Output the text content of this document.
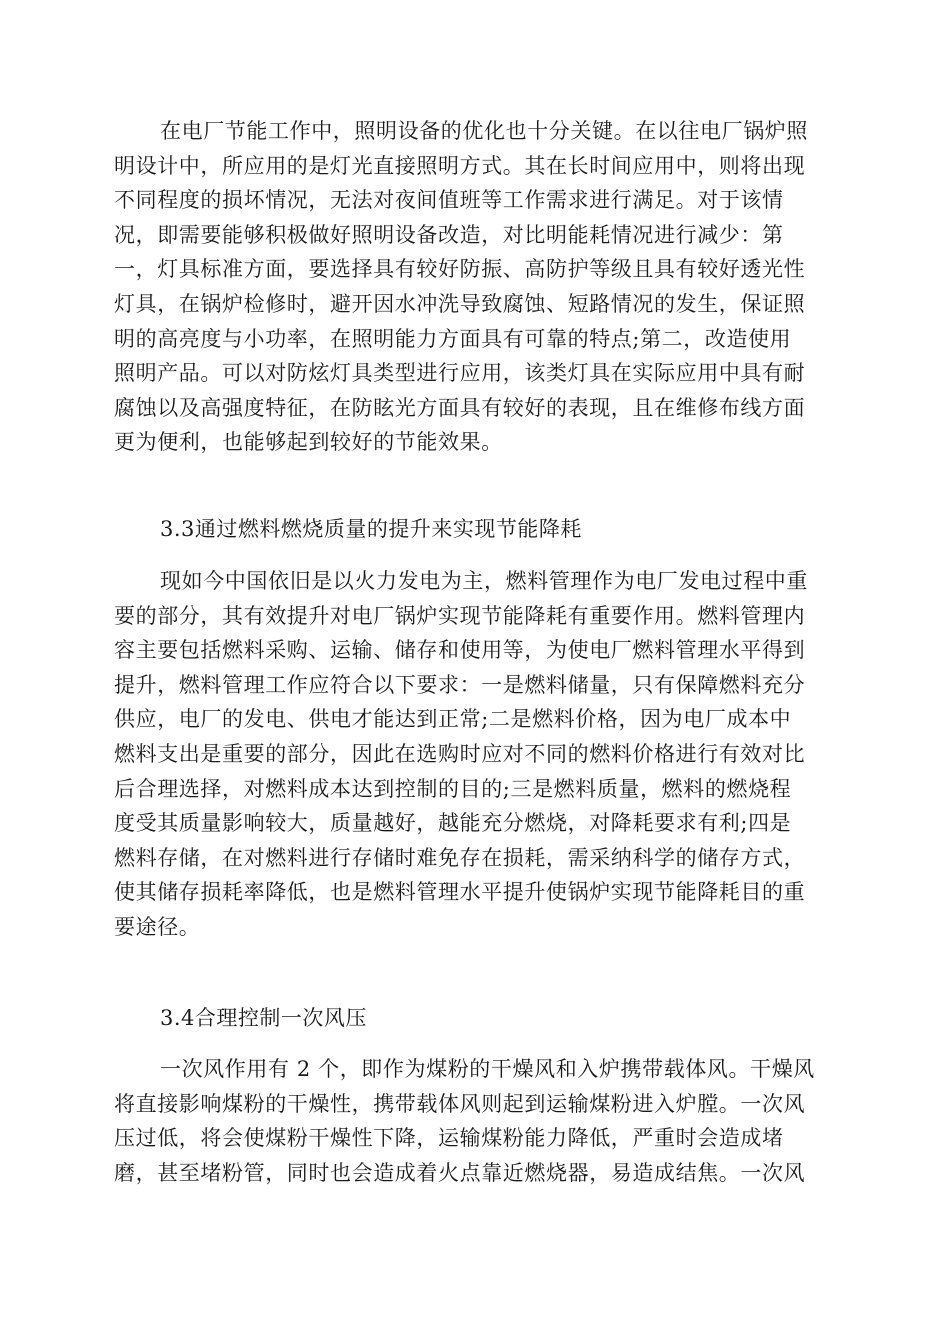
在电厂节能工作中，照明设备的优化也十分关键。在以往电厂锅炉照
明设计中，所应用的是灯光直接照明方式。其在长时间应用中，则将出现
不同程度的损坏情况，无法对夜间值班等工作需求进行满足。对于该情
况，即需要能够积极做好照明设备改造，对比明能耗情况进行减少：第
一，灯具标准方面，要选择具有较好防振、高防护等级且具有较好透光性
灯具，在锅炉检修时，避开因水冲洗导致腐蚀、短路情况的发生，保证照
明的高亮度与小功率，在照明能力方面具有可靠的特点;第二，改造使用
照明产品。可以对防炫灯具类型进行应用，该类灯具在实际应用中具有耐
腐蚀以及高强度特征，在防眩光方面具有较好的表现，且在维修布线方面
更为便利，也能够起到较好的节能效果。
3.3通过燃料燃烧质量的提升来实现节能降耗
现如今中国依旧是以火力发电为主，燃料管理作为电厂发电过程中重
要的部分，其有效提升对电厂锅炉实现节能降耗有重要作用。燃料管理内
容主要包括燃料采购、运输、储存和使用等，为使电厂燃料管理水平得到
提升，燃料管理工作应符合以下要求：一是燃料储量，只有保障燃料充分
供应，电厂的发电、供电才能达到正常;二是燃料价格，因为电厂成本中
燃料支出是重要的部分，因此在选购时应对不同的燃料价格进行有效对比
后合理选择，对燃料成本达到控制的目的;三是燃料质量，燃料的燃烧程
度受其质量影响较大，质量越好，越能充分燃烧，对降耗要求有利;四是
燃料存储，在对燃料进行存储时难免存在损耗，需采纳科学的储存方式，
使其储存损耗率降低，也是燃料管理水平提升使锅炉实现节能降耗目的重
要途径。
3.4合理控制一次风压
一次风作用有 2 个，即作为煤粉的干燥风和入炉携带载体风。干燥风
将直接影响煤粉的干燥性，携带载体风则起到运输煤粉进入炉膛。一次风
压过低，将会使煤粉干燥性下降，运输煤粉能力降低，严重时会造成堵
磨，甚至堵粉管，同时也会造成着火点靠近燃烧器，易造成结焦。一次风
